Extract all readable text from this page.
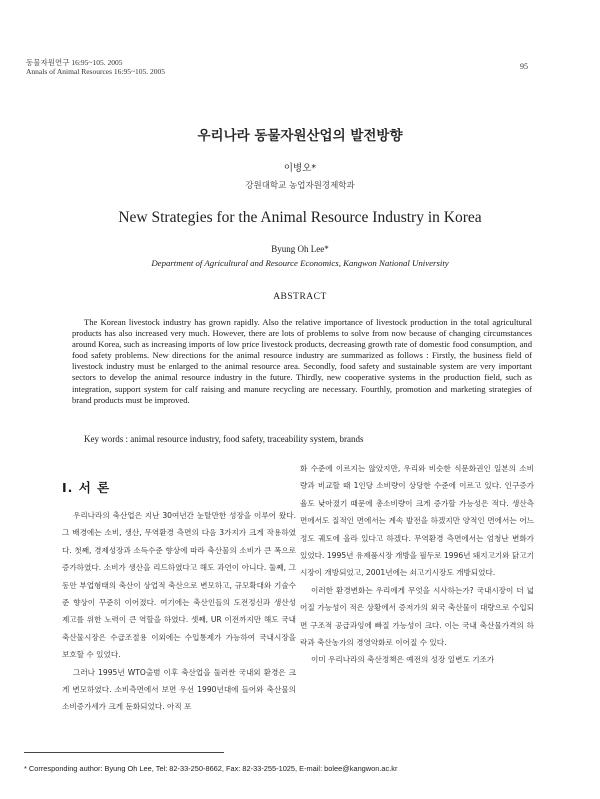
동물자원연구 16:95~105. 2005
Annals of Animal Resources 16:95~105. 2005
95
우리나라 동물자원산업의 발전방향
이병오*
강원대학교 농업자원경제학과
New Strategies for the Animal Resource Industry in Korea
Byung Oh Lee*
Department of Agricultural and Resource Economics, Kangwon National University
ABSTRACT

The Korean livestock industry has grown rapidly. Also the relative importance of livestock production in the total agricultural products has also increased very much. However, there are lots of problems to solve from now because of changing circumstances around Korea, such as increasing imports of low price livestock products, decreasing growth rate of domestic food consumption, and food safety problems. New directions for the animal resource industry are summarized as follows : Firstly, the business field of livestock industry must be enlarged to the animal resource area. Secondly, food safety and sustainable system are very important sectors to develop the animal resource industry in the future. Thirdly, new cooperative systems in the production field, such as integration, support system for calf raising and manure recycling are necessary. Fourthly, promotion and marketing strategies of brand products must be improved.

Key words : animal resource industry, food safety, traceability system, brands
Ⅰ. 서 론

우리나라의 축산업은 지난 30여년간 눈탈만한 성장을 이루어 왔다. 그 배경에는 소비, 생산, 무역환경 측면의 다음 3가지가 크게 작용하였다. 첫째, 경제성장과 소득수준 향상에 따라 축산물의 소비가 큰 폭으로 증가하였다. 소비가 생산을 리드하였다고 해도 과언이 아니다. 둘째, 그동안 부업형태의 축산이 상업적 축산으로 변모하고, 규모확대와 기술수준 향상이 꾸준히 이어졌다. 여기에는 축산인들의 도전정신과 생산성 제고를 위한 노력이 큰 역할을 하였다. 셋째, UR 이전까지만 해도 국내 축산물시장은 수급조절용 이외에는 수입통제가 가능하여 국내시장을 보호할 수 있었다.

그러나 1995년 WTO출범 이후 축산업을 둘러싼 국내외 환경은 크게 변모하였다. 소비측면에서 보면 우선 1990년대에 들어와 축산물의 소비증가세가 크게 둔화되었다. 아직 포

화 수준에 이르지는 않았지만, 우리와 비슷한 식문화권인 일본의 소비량과 비교할 때 1인당 소비량이 상당한 수준에 이르고 있다. 인구증가율도 낮아졌기 때문에 총소비량이 크게 증가할 가능성은 적다. 생산측면에서도 질적인 면에서는 계속 발전을 하겠지만 양적인 면에서는 어느 정도 궤도에 올라 있다고 하겠다. 무역환경 측면에서는 엄청난 변화가 있었다. 1995년 유제품시장 개방을 필두로 1996년 돼지고기와 닭고기시장이 개방되었고, 2001년에는 쇠고기시장도 개방되었다.

이러한 환경변화는 우리에게 무엇을 시사하는가? 국내시장이 더 넓어질 가능성이 적은 상황에서 증저가의 외국 축산물이 대량으로 수입되면 구조적 공급과잉에 빠질 가능성이 크다. 이는 국내 축산물가격의 하락과 축산농가의 경영악화로 이어질 수 있다.

이미 우리나라의 축산정책은 예전의 성장 일변도 기조가

* Corresponding author: Byung Oh Lee, Tel: 82-33-250-8662, Fax: 82-33-255-1025, E-mail: bolee@kangwon.ac.kr
